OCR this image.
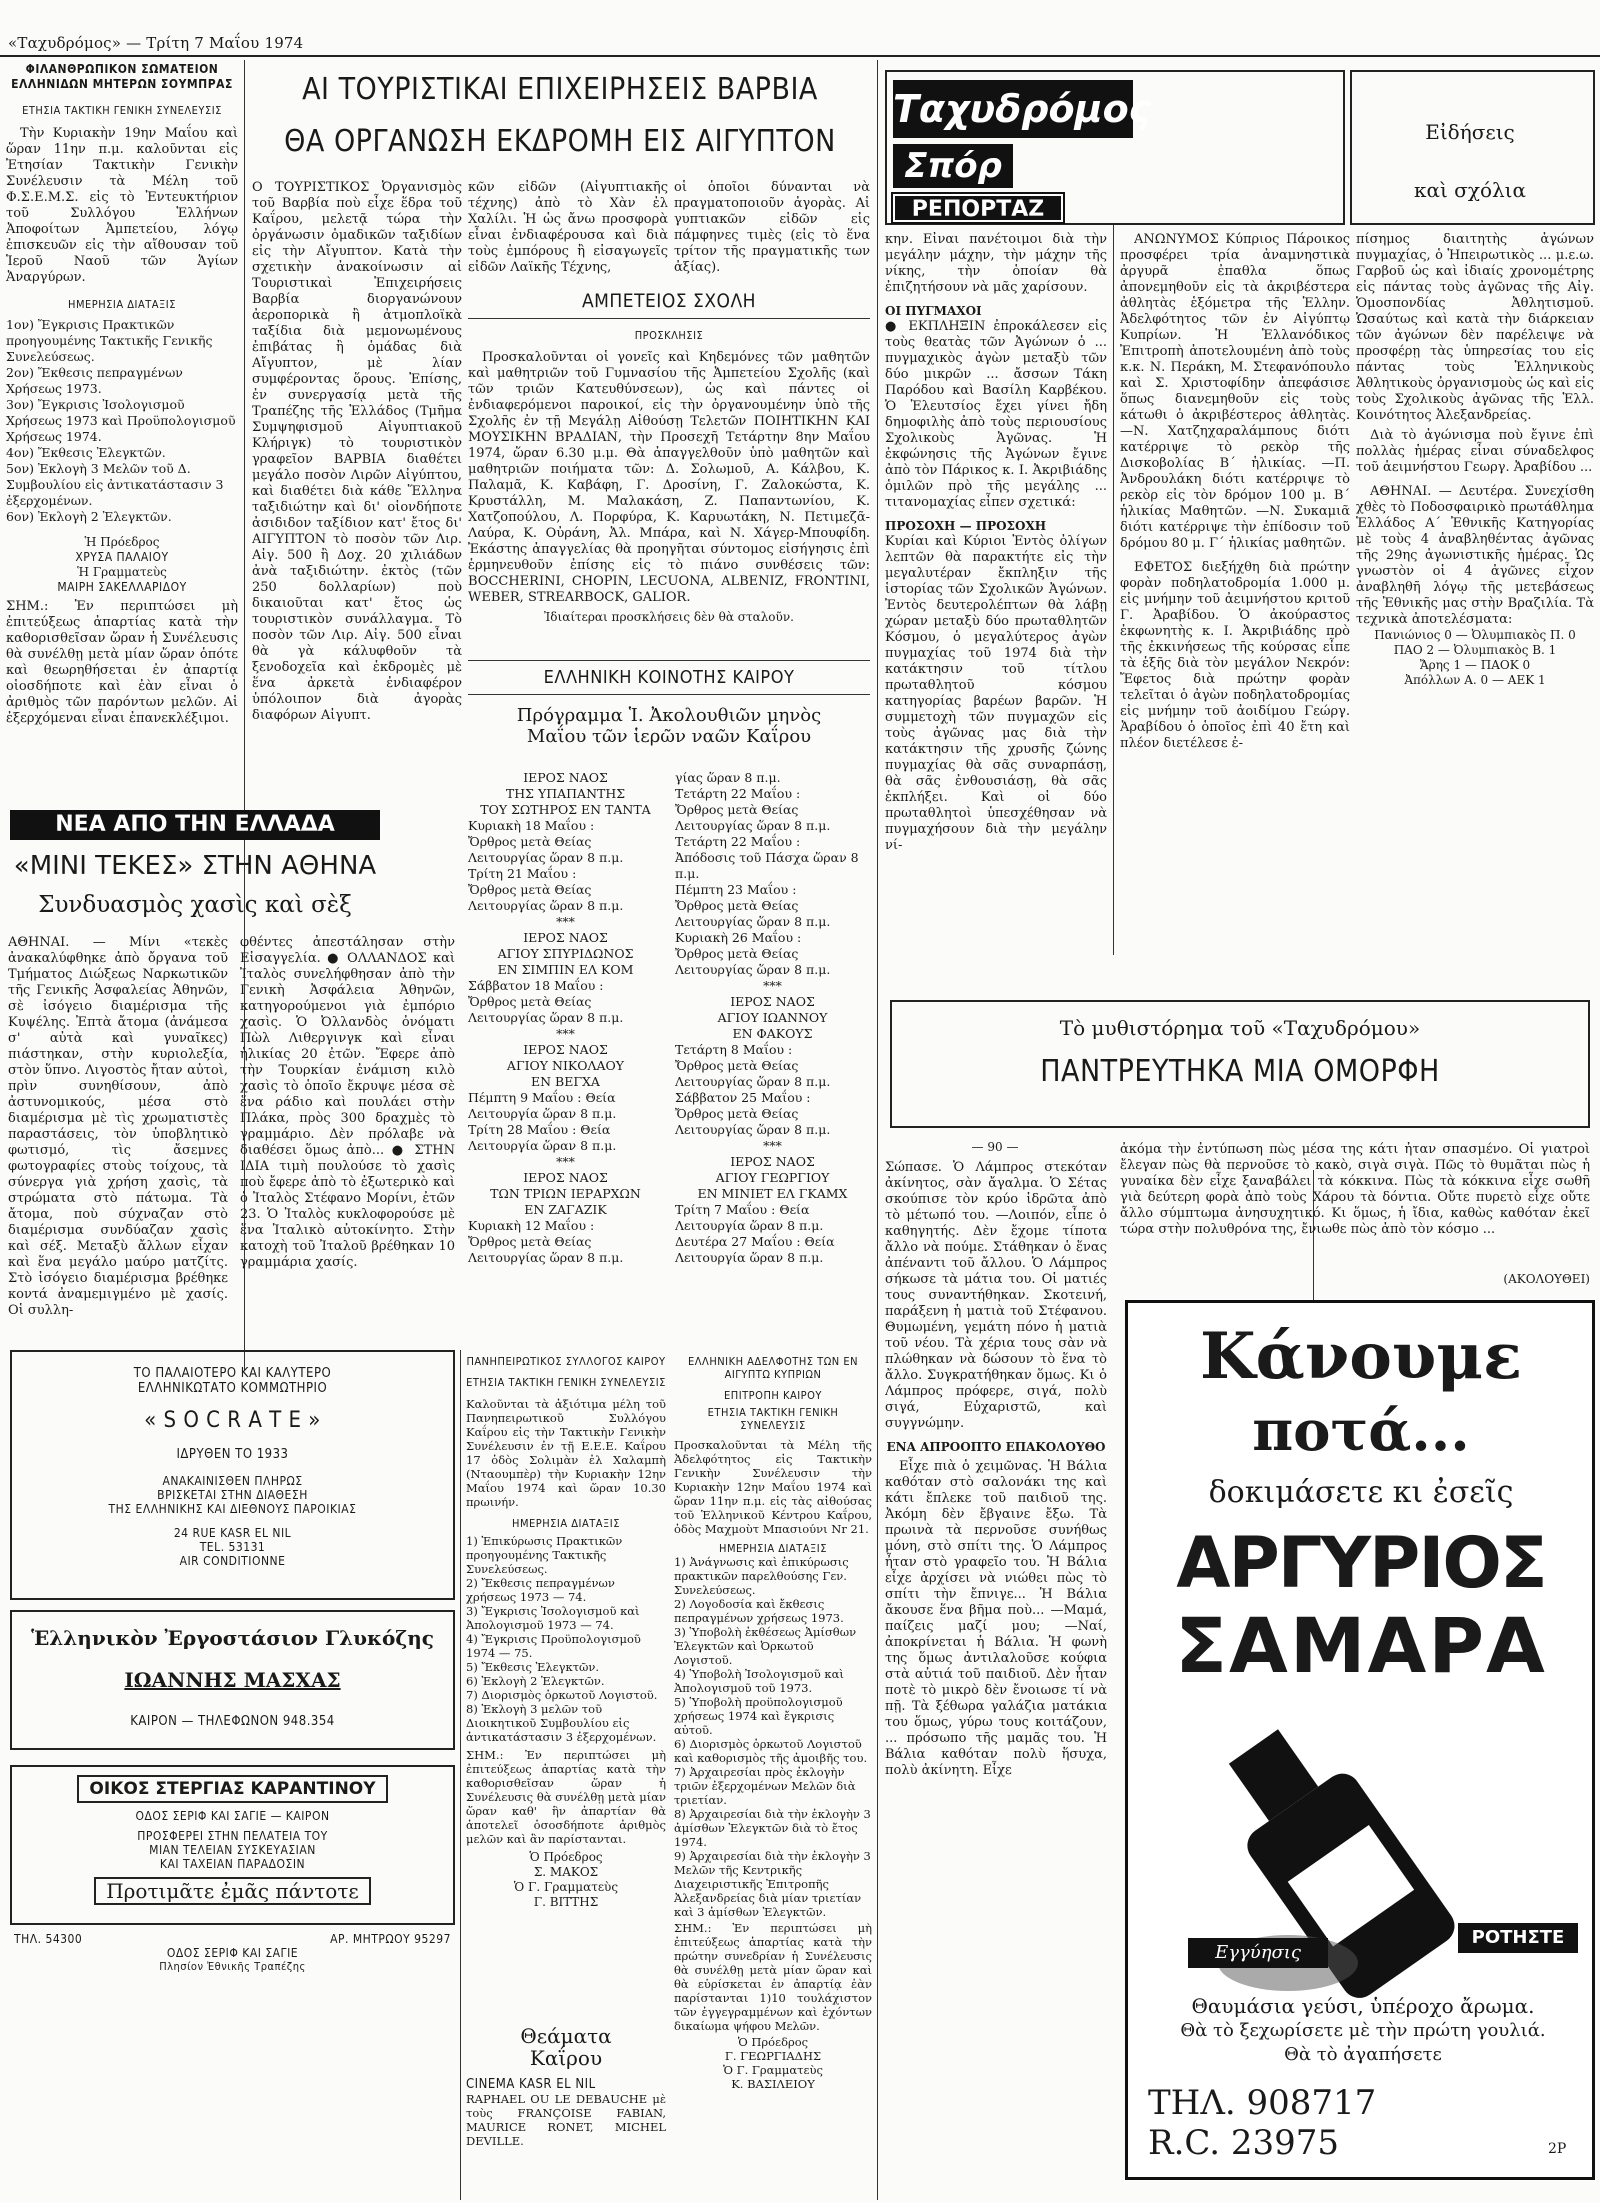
«Ταχυδρόμος» — Τρίτη 7 Μαΐου 1974
ΦΙΛΑΝΘΡΩΠΙΚΟΝ ΣΩΜΑΤΕΙΟΝ ΕΛΛΗΝΙΔΩΝ ΜΗΤΕΡΩΝ ΣΟΥΜΠΡΑΣ
ΕΤΗΣΙΑ ΤΑΚΤΙΚΗ ΓΕΝΙΚΗ ΣΥΝΕΛΕΥΣΙΣ

Τὴν Κυριακὴν 19ην Μαΐου καὶ ὥραν 11ην π.μ. καλοῦνται εἰς Ἐτησίαν Τακτικὴν Γενικὴν Συνέλευσιν τὰ Μέλη τοῦ Φ.Σ.Ε.Μ.Σ. εἰς τὸ Ἐντευκτήριον τοῦ Συλλόγου Ἑλλήνων Ἀποφοίτων Ἀμπετείου, λόγῳ ἐπισκευῶν εἰς τὴν αἴθουσαν τοῦ Ἱεροῦ Ναοῦ τῶν Ἁγίων Ἀναργύρων.

ΗΜΕΡΗΣΙΑ ΔΙΑΤΑΞΙΣ
1ον) Ἔγκρισις Πρακτικῶν προηγουμένης Τακτικῆς Γενικῆς Συνελεύσεως.
2ον) Ἔκθεσις πεπραγμένων Χρήσεως 1973.
3ον) Ἔγκρισις Ἰσολογισμοῦ Χρήσεως 1973 καὶ Προϋπολογισμοῦ Χρήσεως 1974.
4ον) Ἔκθεσις Ἐλεγκτῶν.
5ον) Ἐκλογὴ 3 Μελῶν τοῦ Δ. Συμβουλίου εἰς ἀντικατάστασιν 3 ἐξερχομένων.
6ον) Ἐκλογὴ 2 Ἐλεγκτῶν.
Ἡ Πρόεδρος
ΧΡΥΣΑ ΠΑΛΑΙΟΥ
Ἡ Γραμματεὺς
ΜΑΙΡΗ ΣΑΚΕΛΛΑΡΙΔΟΥ

ΣΗΜ.: Ἐν περιπτώσει μὴ ἐπιτεύξεως ἀπαρτίας κατὰ τὴν καθορισθεῖσαν ὥραν ἡ Συνέλευσις θὰ συνέλθῃ μετὰ μίαν ὥραν ὁπότε καὶ θεωρηθήσεται ἐν ἀπαρτίᾳ οἱοσδήποτε καὶ ἐὰν εἶναι ὁ ἀριθμὸς τῶν παρόντων μελῶν. Αἱ ἐξερχόμεναι εἶναι ἐπανεκλέξιμοι.

ΝΕΑ ΑΠΟ ΤΗΝ ΕΛΛΑΔΑ
«ΜΙΝΙ ΤΕΚΕΣ» ΣΤΗΝ ΑΘΗΝΑ
Συνδυασμὸς χασὶς καὶ σὲξ

ΑΘΗΝΑΙ. — Μίνι «τεκὲς ἀνακαλύφθηκε ἀπὸ ὄργανα τοῦ Τμήματος Διώξεως Ναρκωτικῶν τῆς Γενικῆς Ἀσφαλείας Ἀθηνῶν, σὲ ἰσόγειο διαμέρισμα τῆς Κυψέλης. Ἐπτὰ ἄτομα (ἀνάμεσα σ' αὐτὰ καὶ γυναῖκες) πιάστηκαν, στὴν κυριολεξία, στὸν ὕπνο. Λιγοστὸς ἤταν αὐτοὶ, πρὶν συνηθίσουν, ἀπὸ ἀστυνομικούς, μέσα στὸ διαμέρισμα μὲ τὶς χρωματιστὲς παραστάσεις, τὸν ὑποβλητικὸ φωτισμό, τὶς ἄσεμνες φωτογραφίες στοὺς τοίχους, τὰ σύνεργα γιὰ χρήση χασὶς, τὰ στρώματα στὸ πάτωμα. Τὰ ἄτομα, ποὺ σύχναζαν στὸ διαμέρισμα συνδύαζαν χασὶς καὶ σέξ. Μεταξὺ ἄλλων εἶχαν καὶ ἕνα μεγάλο μαύρο ματζίτς. Στὸ ἰσόγειο διαμέρισμα βρέθηκε κοντά ἀναμεμιγμένο μὲ χασίς. Οἱ συλλη-

φθέντες ἀπεστάλησαν στὴν Εἰσαγγελία. ● ΟΛΛΑΝΔΟΣ καὶ Ἰταλὸς συνελήφθησαν ἀπὸ τὴν Γενικὴ Ἀσφάλεια Ἀθηνῶν, κατηγορούμενοι γιὰ ἐμπόριο χασὶς. Ὁ Ὀλλανδὸς ὀνόματι Πὼλ Λιθεργινγκ καὶ εἶναι ἡλικίας 20 ἐτῶν. Ἔφερε ἀπὸ τὴν Τουρκίαν ἐνάμιση κιλὸ χασὶς τὸ ὁποῖο ἔκρυψε μέσα σὲ ἕνα ράδιο καὶ πουλάει στὴν Πλάκα, πρὸς 300 δραχμὲς τὸ γραμμάριο. Δὲν πρόλαβε νὰ διαθέσει ὅμως ἀπὸ... ● ΣΤΗΝ ΙΔΙΑ τιμὴ πουλούσε τὸ χασὶς ποὺ ἔφερε ἀπὸ τὸ ἐξωτερικὸ καὶ ὁ Ἰταλὸς Στέφανο Μορίνι, ἐτῶν 23. Ὁ Ἰταλὸς κυκλοφορούσε μὲ ἕνα Ἰταλικὸ αὐτοκίνητο. Στὴν κατοχὴ τοῦ Ἰταλοῦ βρέθηκαν 10 γραμμάρια χασίς.

ΤΟ ΠΑΛΑΙΟΤΕΡΟ ΚΑΙ ΚΑΛΥΤΕΡΟ
ΕΛΛΗΝΙΚΩΤΑΤΟ ΚΟΜΜΩΤΗΡΙΟ
« S O C R A T E »
ΙΔΡΥΘΕΝ ΤΟ 1933
ΑΝΑΚΑΙΝΙΣΘΕΝ ΠΛΗΡΩΣ
ΒΡΙΣΚΕΤΑΙ ΣΤΗΝ ΔΙΑΘΕΣΗ
ΤΗΣ ΕΛΛΗΝΙΚΗΣ ΚΑΙ ΔΙΕΘΝΟΥΣ ΠΑΡΟΙΚΙΑΣ
24 RUE KASR EL NIL
TEL. 53131
AIR CONDITIONNE
Ἑλληνικὸν Ἐργοστάσιον Γλυκόζης
ΙΩΑΝΝΗΣ ΜΑΣΧΑΣ
ΚΑΙΡΟΝ — ΤΗΛΕΦΩΝΟΝ 948.354
ΟΙΚΟΣ ΣΤΕΡΓΙΑΣ ΚΑΡΑΝΤΙΝΟΥ
ΟΔΟΣ ΣΕΡΙΦ ΚΑΙ ΣΑΓΙΕ — ΚΑΙΡΟΝ
ΠΡΟΣΦΕΡΕΙ ΣΤΗΝ ΠΕΛΑΤΕΙΑ ΤΟΥ
ΜΙΑΝ ΤΕΛΕΙΑΝ ΣΥΣΚΕΥΑΣΙΑΝ
ΚΑΙ ΤΑΧΕΙΑΝ ΠΑΡΑΔΟΣΙΝ
Προτιμᾶτε ἐμᾶς πάντοτε
ΤΗΛ. 54300	ΑΡ. ΜΗΤΡΩΟΥ 95297
ΟΔΟΣ ΣΕΡΙΦ ΚΑΙ ΣΑΓΙΕ
Πλησίον Ἐθνικῆς Τραπέζης
ΑΙ ΤΟΥΡΙΣΤΙΚΑΙ ΕΠΙΧΕΙΡΗΣΕΙΣ ΒΑΡΒΙΑ
ΘΑ ΟΡΓΑΝΩΣΗ ΕΚΔΡΟΜΗ ΕΙΣ ΑΙΓΥΠΤΟΝ

Ο ΤΟΥΡΙΣΤΙΚΟΣ Ὀργανισμὸς τοῦ Βαρβία ποὺ εἶχε ἕδρα τοῦ Καΐρου, μελετᾷ τώρα τὴν ὀργάνωσιν ὁμαδικῶν ταξιδίων εἰς τὴν Αἴγυπτον. Κατὰ τὴν σχετικὴν ἀνακοίνωσιν αἱ Τουριστικαὶ Ἐπιχειρήσεις Βαρβία διοργανώνουν ἀεροπορικὰ ἢ ἀτμοπλοϊκὰ ταξίδια διὰ μεμονωμένους ἐπιβάτας ἢ ὁμάδας διὰ Αἴγυπτον, μὲ λίαν συμφέροντας ὅρους. Ἐπίσης, ἐν συνεργασίᾳ μετὰ τῆς Τραπέζης τῆς Ἑλλάδος (Τμῆμα Συμψηφισμοῦ Αἰγυπτιακοῦ Κλήριγκ) τὸ τουριστικὸν γραφεῖον ΒΑΡΒΙΑ διαθέτει μεγάλο ποσὸν Λιρῶν Αἰγύπτου, καὶ διαθέτει διὰ κάθε Ἕλληνα ταξιδιώτην καὶ δι' οἱονδήποτε ἀσιδιδον ταξίδιον κατ' ἔτος δι' ΑΙΓΥΠΤΟΝ τὸ ποσὸν τῶν Λιρ. Αἰγ. 500 ἢ Δοχ. 20 χιλιάδων ἀνὰ ταξιδιώτην. ἐκτὸς (τῶν 250 δολλαρίων) ποὺ δικαιοῦται κατ' ἔτος ὡς τουριστικὸν συνάλλαγμα. Τὸ ποσὸν τῶν Λιρ. Αἰγ. 500 εἶναι θὰ γὰ κάλυφθοῦν τὰ ξενοδοχεῖα καὶ ἐκδρομὲς μὲ ἕνα ἀρκετὰ ἐνδιαφέρον ὑπόλοιπον διὰ ἀγορὰς διαφόρων Αἰγυπτ.

κῶν εἰδῶν (Αἰγυπτιακῆς τέχνης) ἀπὸ τὸ Χὰν ἐλ Χαλίλι. Ἡ ὡς ἄνω προσφορὰ εἶναι ἐνδιαφέρουσα καὶ διὰ τοὺς ἐμπόρους ἢ εἰσαγωγεῖς εἰδῶν Λαϊκῆς Τέχνης,

οἱ ὁποῖοι δύνανται νὰ πραγματοποιοῦν ἀγορὰς. Αἱ γυπτιακῶν εἰδῶν εἰς πάμφηνες τιμὲς (εἰς τὸ ἕνα τρίτον τῆς πραγματικῆς των ἀξίας).

ΑΜΠΕΤΕΙΟΣ ΣΧΟΛΗ
ΠΡΟΣΚΛΗΣΙΣ

Προσκαλοῦνται οἱ γονεῖς καὶ Κηδεμόνες τῶν μαθητῶν καὶ μαθητριῶν τοῦ Γυμνασίου τῆς Ἀμπετείου Σχολῆς (καὶ τῶν τριῶν Κατευθύνσεων), ὡς καὶ πάντες οἱ ἐνδιαφερόμενοι παροικοί, εἰς τὴν ὀργανουμένην ὑπὸ τῆς Σχολῆς ἐν τῇ Μεγάλῃ Αἰθούσῃ Τελετῶν ΠΟΙΗΤΙΚΗΝ ΚΑΙ ΜΟΥΣΙΚΗΝ ΒΡΑΔΙΑΝ, τὴν Προσεχῆ Τετάρτην 8ην Μαΐου 1974, ὥραν 6.30 μ.μ. Θὰ ἀπαγγελθοῦν ὑπὸ μαθητῶν καὶ μαθητριῶν ποιήματα τῶν: Δ. Σολωμοῦ, Α. Κάλβου, Κ. Παλαμᾶ, Κ. Καβάφη, Γ. Δροσίνη, Γ. Ζαλοκώστα, Κ. Κρυστάλλη, Μ. Μαλακάση, Ζ. Παπαντωνίου, Κ. Χατζοπούλου, Λ. Πορφύρα, Κ. Καρυωτάκη, Ν. Πετιμεζᾶ-Λαύρα, Κ. Οὐράνη, Ἀλ. Μπάρα, καὶ Ν. Χάγερ-Μπουφίδη. Ἐκάστης ἀπαγγελίας θὰ προηγῆται σύντομος εἰσήγησις ἐπὶ ἑρμηνευθοῦν ἐπίσης εἰς τὸ πιάνο συνθέσεις τῶν: BOCCHERINI, CHOPIN, LECUONA, ALBENIZ, FRONTINI, WEBER, STREARBOCK, GALIOR.

Ἰδιαίτεραι προσκλήσεις δὲν θὰ σταλοῦν.
ΕΛΛΗΝΙΚΗ ΚΟΙΝΟΤΗΣ ΚΑΙΡΟΥ
Πρόγραμμα Ἱ. Ἀκολουθιῶν μηνὸς
Μαΐου τῶν ἱερῶν ναῶν Καΐρου
ΙΕΡΟΣ ΝΑΟΣ
ΤΗΣ ΥΠΑΠΑΝΤΗΣ
ΤΟΥ ΣΩΤΗΡΟΣ ΕΝ ΤΑΝΤΑ
Κυριακὴ 18 Μαΐου :
Ὄρθρος μετὰ Θείας Λειτουργίας ὥραν 8 π.μ.
Τρίτη 21 Μαΐου :
Ὄρθρος μετὰ Θείας Λειτουργίας ὥραν 8 π.μ.
***
ΙΕΡΟΣ ΝΑΟΣ
ΑΓΙΟΥ ΣΠΥΡΙΔΩΝΟΣ
ΕΝ ΣΙΜΠΙΝ ΕΛ ΚΟΜ
Σάββατον 18 Μαΐου :
Ὄρθρος μετὰ Θείας Λειτουργίας ὥραν 8 π.μ.
***
ΙΕΡΟΣ ΝΑΟΣ
ΑΓΙΟΥ ΝΙΚΟΛΑΟΥ
ΕΝ ΒΕΓΧΑ
Πέμπτη 9 Μαΐου : Θεία Λειτουργία ὥραν 8 π.μ.
Τρίτη 28 Μαΐου : Θεία Λειτουργία ὥραν 8 π.μ.
***
ΙΕΡΟΣ ΝΑΟΣ
ΤΩΝ ΤΡΙΩΝ ΙΕΡΑΡΧΩΝ
ΕΝ ΖΑΓΑΖΙΚ
Κυριακὴ 12 Μαΐου :
Ὄρθρος μετὰ Θείας Λειτουργίας ὥραν 8 π.μ.
γίας ὥραν 8 π.μ.
Τετάρτη 22 Μαΐου :
Ὄρθρος μετὰ Θείας Λειτουργίας ὥραν 8 π.μ.
Τετάρτη 22 Μαΐου :
Ἀπόδοσις τοῦ Πάσχα ὥραν 8 π.μ.
Πέμπτη 23 Μαΐου :
Ὄρθρος μετὰ Θείας Λειτουργίας ὥραν 8 π.μ.
Κυριακὴ 26 Μαΐου :
Ὄρθρος μετὰ Θείας Λειτουργίας ὥραν 8 π.μ.
***
ΙΕΡΟΣ ΝΑΟΣ
ΑΓΙΟΥ ΙΩΑΝΝΟΥ
ΕΝ ΦΑΚΟΥΣ
Τετάρτη 8 Μαΐου :
Ὄρθρος μετὰ Θείας Λειτουργίας ὥραν 8 π.μ.
Σάββατον 25 Μαΐου :
Ὄρθρος μετὰ Θείας Λειτουργίας ὥραν 8 π.μ.
***
ΙΕΡΟΣ ΝΑΟΣ
ΑΓΙΟΥ ΓΕΩΡΓΙΟΥ
ΕΝ ΜΙΝΙΕΤ ΕΛ ΓΚΑΜΧ
Τρίτη 7 Μαΐου : Θεία Λειτουργία ὥραν 8 π.μ.
Δευτέρα 27 Μαΐου : Θεία Λειτουργία ὥραν 8 π.μ.
ΠΑΝΗΠΕΙΡΩΤΙΚΟΣ ΣΥΛΛΟΓΟΣ ΚΑΙΡΟΥ
ΕΤΗΣΙΑ ΤΑΚΤΙΚΗ ΓΕΝΙΚΗ ΣΥΝΕΛΕΥΣΙΣ

Καλοῦνται τὰ ἀξιότιμα μέλη τοῦ Πανηπειρωτικοῦ Συλλόγου Καΐρου εἰς τὴν Τακτικὴν Γενικὴν Συνέλευσιν ἐν τῇ Ε.Ε.Ε. Καΐρου 17 ὁδὸς Σολιμὰν ἐλ Χαλαμπὴ (Νταουμπὲρ) τὴν Κυριακὴν 12ην Μαΐου 1974 καὶ ὥραν 10.30 πρωινήν.

ΗΜΕΡΗΣΙΑ ΔΙΑΤΑΞΙΣ
1) Ἐπικύρωσις Πρακτικῶν προηγουμένης Τακτικῆς Συνελεύσεως.
2) Ἔκθεσις πεπραγμένων χρήσεως 1973 — 74.
3) Ἔγκρισις Ἰσολογισμοῦ καὶ Ἀπολογισμοῦ 1973 — 74.
4) Ἔγκρισις Προϋπολογισμοῦ 1974 — 75.
5) Ἔκθεσις Ἐλεγκτῶν.
6) Ἐκλογὴ 2 Ἐλεγκτῶν.
7) Διορισμὸς ὁρκωτοῦ Λογιστοῦ.
8) Ἐκλογὴ 3 μελῶν τοῦ Διοικητικοῦ Συμβουλίου εἰς ἀντικατάστασιν 3 ἐξερχομένων.

ΣΗΜ.: Ἐν περιπτώσει μὴ ἐπιτεύξεως ἀπαρτίας κατὰ τὴν καθορισθεῖσαν ὥραν ἡ Συνέλευσις θὰ συνέλθῃ μετὰ μίαν ὥραν καθ' ἣν ἀπαρτίαν θὰ ἀποτελεῖ ὁσοσδήποτε ἀριθμὸς μελῶν καὶ ἂν παρίστανται.

Ὁ Πρόεδρος
Σ. ΜΑΚΟΣ
Ὁ Γ. Γραμματεὺς
Γ. ΒΙΤΤΗΣ
Θεάματα
Καΐρου
CINEMA KASR EL NIL

RAPHAEL OU LE DEBAUCHE μὲ τοὺς FRANÇOISE FABIAN, MAURICE RONET, MICHEL DEVILLE.

ΕΛΛΗΝΙΚΗ ΑΔΕΛΦΟΤΗΣ ΤΩΝ ΕΝ ΑΙΓΥΠΤΩ ΚΥΠΡΙΩΝ
ΕΠΙΤΡΟΠΗ ΚΑΙΡΟΥ
ΕΤΗΣΙΑ ΤΑΚΤΙΚΗ ΓΕΝΙΚΗ ΣΥΝΕΛΕΥΣΙΣ

Προσκαλοῦνται τὰ Μέλη τῆς Ἀδελφότητος εἰς Τακτικὴν Γενικὴν Συνέλευσιν τὴν Κυριακὴν 12ην Μαΐου 1974 καὶ ὥραν 11ην π.μ. εἰς τὰς αἰθούσας τοῦ Ἑλληνικοῦ Κέντρου Καΐρου, ὁδὸς Μαχμοὺτ Μπασιούνι Nr 21.

ΗΜΕΡΗΣΙΑ ΔΙΑΤΑΞΙΣ
1) Ἀνάγνωσις καὶ ἐπικύρωσις πρακτικῶν παρελθούσης Γεν. Συνελεύσεως.
2) Λογοδοσία καὶ ἔκθεσις πεπραγμένων χρήσεως 1973.
3) Ὑποβολὴ ἐκθέσεως Ἀμίσθων Ἐλεγκτῶν καὶ Ὀρκωτοῦ Λογιστοῦ.
4) Ὑποβολὴ Ἰσολογισμοῦ καὶ Ἀπολογισμοῦ τοῦ 1973.
5) Ὑποβολὴ προϋπολογισμοῦ χρήσεως 1974 καὶ ἔγκρισις αὐτοῦ.
6) Διορισμὸς ὁρκωτοῦ Λογιστοῦ καὶ καθορισμὸς τῆς ἀμοιβῆς του.
7) Ἀρχαιρεσίαι πρὸς ἐκλογὴν τριῶν ἐξερχομένων Μελῶν διὰ τριετίαν.
8) Ἀρχαιρεσίαι διὰ τὴν ἐκλογὴν 3 ἀμίσθων Ἐλεγκτῶν διὰ τὸ ἔτος 1974.
9) Ἀρχαιρεσίαι διὰ τὴν ἐκλογὴν 3 Μελῶν τῆς Κεντρικῆς Διαχειριστικῆς Ἐπιτροπῆς Ἀλεξανδρείας διὰ μίαν τριετίαν καὶ 3 ἀμίσθων Ἐλεγκτῶν.

ΣΗΜ.: Ἐν περιπτώσει μὴ ἐπιτεύξεως ἀπαρτίας κατὰ τὴν πρώτην συνεδρίαν ἡ Συνέλευσις θὰ συνέλθῃ μετὰ μίαν ὥραν καὶ θὰ εὑρίσκεται ἐν ἀπαρτίᾳ ἐὰν παρίστανται 1)10 τουλάχιστον τῶν ἐγγεγραμμένων καὶ ἐχόντων δικαίωμα ψήφου Μελῶν.

Ὁ Πρόεδρος
Γ. ΓΕΩΡΓΙΑΔΗΣ
Ὁ Γ. Γραμματεὺς
Κ. ΒΑΣΙΛΕΙΟΥ
Ταχυδρόμος
Σπόρ
ΡΕΠΟΡΤΑΖ
Εἰδήσεις
καὶ σχόλια

κην. Εἶναι πανέτοιμοι διὰ τὴν μεγάλην μάχην, τὴν μάχην τῆς νίκης, τὴν ὁποίαν θὰ ἐπιζητήσουν νὰ μᾶς χαρίσουν.

ΟΙ ΠΥΓΜΑΧΟΙ

● ΕΚΠΛΗΞΙΝ ἐπροκάλεσεν εἰς τοὺς θεατὰς τῶν Ἀγώνων ὁ ... πυγμαχικὸς ἀγὼν μεταξὺ τῶν δύο μικρῶν ... ἄσσων Τάκη Παρόδου καὶ Βασίλη Καρβέκου. Ὁ Ἐλευτσίος ἔχει γίνει ἤδη δημοφιλὴς ἀπὸ τοὺς περιουσίους Σχολικοὺς Ἀγῶνας. Ἡ ἐκφώνησις τῆς Ἀγώνων ἔγινε ἀπὸ τὸν Πάρικος κ. Ι. Ἀκριβιάδης ὁμιλῶν πρὸ τῆς μεγάλης ... τιτανομαχίας εἶπεν σχετικά:

ΠΡΟΣΟΧΗ — ΠΡΟΣΟΧΗ

Κυρίαι καὶ Κύριοι Ἐντὸς ὀλίγων λεπτῶν θὰ παρακτήτε εἰς τὴν μεγαλυτέραν ἔκπληξιν τῆς ἱστορίας τῶν Σχολικῶν Ἀγώνων. Ἐντὸς δευτερολέπτων θὰ λάβῃ χώραν μεταξὺ δύο πρωταθλητῶν Κόσμου, ὁ μεγαλύτερος ἀγὼν πυγμαχίας τοῦ 1974 διὰ τὴν κατάκτησιν τοῦ τίτλου πρωταθλητοῦ κόσμου κατηγορίας βαρέων βαρῶν. Ἡ συμμετοχὴ τῶν πυγμαχῶν εἰς τοὺς ἀγῶνας μας διὰ τὴν κατάκτησιν τῆς χρυσῆς ζώνης πυγμαχίας θὰ σᾶς συναρπάσῃ, θὰ σᾶς ἐνθουσιάσῃ, θὰ σᾶς ἐκπλήξει. Καὶ οἱ δύο πρωταθλητοὶ ὑπεσχέθησαν νὰ πυγμαχήσουν διὰ τὴν μεγάλην νί-

ΑΝΩΝΥΜΟΣ Κύπριος Πάροικος προσφέρει τρία ἀναμνηστικὰ ἀργυρᾶ ἐπαθλα ὅπως ἀπονεμηθοῦν εἰς τὰ ἀκριβέστερα ἀθλητὰς ἑξόμετρα τῆς Ἐλλην. Ἀδελφότητος τῶν ἐν Αἰγύπτῳ Κυπρίων. Ἡ Ἑλλανόδικος Ἐπιτροπὴ ἀποτελουμένη ἀπὸ τοὺς κ.κ. Ν. Περάκη, Μ. Στεφανόπουλο καὶ Σ. Χριστοφίδην ἀπεφάσισε ὅπως διανεμηθοῦν εἰς τοὺς κάτωθι ὁ ἀκριβέστερος ἀθλητὰς. —Ν. Χατζηχαραλάμπους διότι κατέρριψε τὸ ρεκὸρ τῆς Δισκοβολίας Β΄ ἡλικίας. —Π. Ἀνδρουλάκη διότι κατέρριψε τὸ ρεκὸρ εἰς τὸν δρόμον 100 μ. Β΄ ἡλικίας Μαθητῶν. —Ν. Συκαμιᾶ διότι κατέρριψε τὴν ἐπίδοσιν τοῦ δρόμου 80 μ. Γ΄ ἡλικίας μαθητῶν.

ΕΦΕΤΟΣ διεξήχθη διὰ πρώτην φορὰν ποδηλατοδρομία 1.000 μ. εἰς μνήμην τοῦ ἀειμνήστου κριτοῦ Γ. Ἀραβίδου. Ὁ ἀκούραστος ἐκφωνητὴς κ. Ι. Ἀκριβιάδης πρὸ τῆς ἐκκινήσεως τῆς κούρσας εἶπε τὰ ἑξῆς διὰ τὸν μεγάλον Νεκρόν: Ἔφετος διὰ πρώτην φορὰν τελεῖται ὁ ἀγὼν ποδηλατοδρομίας εἰς μνήμην τοῦ ἀοιδίμου Γεώργ. Ἀραβίδου ὁ ὁποῖος ἐπὶ 40 ἔτη καὶ πλέον διετέλεσε ἐ-

πίσημος διαιτητὴς ἀγώνων πυγμαχίας, ὁ Ἡπειρωτικὸς ... μ.ε.ω. Γαρβοῦ ὡς καὶ ἰδιαίς χρονομέτρης εἰς πάντας τοὺς ἀγῶνας τῆς Αἰγ. Ὁμοσπονδίας Ἀθλητισμοῦ. Ὡσαύτως καὶ κατὰ τὴν διάρκειαν τῶν ἀγώνων δὲν παρέλειψε νὰ προσφέρῃ τὰς ὑπηρεσίας του εἰς πάντας τοὺς Ἑλληνικοὺς Ἀθλητικοὺς ὀργανισμοὺς ὡς καὶ εἰς τοὺς Σχολικοὺς ἀγῶνας τῆς Ἑλλ. Κοινότητος Ἀλεξανδρείας.

Διὰ τὸ ἀγώνισμα ποὺ ἔγινε ἐπὶ πολλὰς ἡμέρας εἶναι σύναδελφος τοῦ ἀειμνήστου Γεωργ. Ἀραβίδου ...

ΑΘΗΝΑΙ. — Δευτέρα. Συνεχίσθη χθὲς τὸ Ποδοσφαιρικὸ πρωτάθλημα Ἑλλάδος Α΄ Ἐθνικῆς Κατηγορίας μὲ τοὺς 4 ἀναβληθέντας ἀγῶνας τῆς 29ης ἀγωνιστικῆς ἡμέρας. Ὡς γνωστὸν οἱ 4 ἀγῶνες εἶχον ἀναβληθῆ λόγῳ τῆς μετεβάσεως τῆς Ἐθνικῆς μας στὴν Βραζιλία. Τὰ τεχνικὰ ἀποτελέσματα:

Πανιώνιος 0 — Ὀλυμπιακὸς Π. 0
ΠΑΟ 2 — Ὀλυμπιακὸς Β. 1
Ἄρης 1 — ΠΑΟΚ 0
Ἀπόλλων Α. 0 — ΑΕΚ 1
Τὸ μυθιστόρημα τοῦ «Ταχυδρόμου»
ΠΑΝΤΡΕΥΤΗΚΑ ΜΙΑ ΟΜΟΡΦΗ
— 90 —

Σώπασε. Ὁ Λάμπρος στεκόταν ἀκίνητος, σὰν ἄγαλμα. Ὁ Σέτας σκούπισε τὸν κρύο ἱδρῶτα ἀπὸ τὸ μέτωπό του. —Λοιπόν, εἶπε ὁ καθηγητής. Δὲν ἔχομε τίποτα ἄλλο νὰ πούμε. Στάθηκαν ὁ ἕνας ἀπέναντι τοῦ ἄλλου. Ὁ Λάμπρος σήκωσε τὰ μάτια του. Οἱ ματιές τους συναντήθηκαν. Σκοτεινή, παράξενη ἡ ματιὰ τοῦ Στέφανου. Θυμωμένη, γεμάτη πόνο ἡ ματιὰ τοῦ νέου. Τὰ χέρια τους σὰν νὰ πλώθηκαν νὰ δώσουν τὸ ἕνα τὸ ἄλλο. Συγκρατήθηκαν ὅμως. Κι ὁ Λάμπρος πρόφερε, σιγά, πολὺ σιγά, Εὐχαριστῶ, καὶ συγγνώμην.

ΕΝΑ ΑΠΡΟΟΠΤΟ ΕΠΑΚΟΛΟΥΘΟ

Εἶχε πιὰ ὁ χειμῶνας. Ἡ Βάλια καθόταν στὸ σαλονάκι της καὶ κάτι ἔπλεκε τοῦ παιδιοῦ της. Ἀκόμη δὲν ἔβγαινε ἔξω. Τὰ πρωινὰ τὰ περνοῦσε συνήθως μόνη, στὸ σπίτι της. Ὁ Λάμπρος ἦταν στὸ γραφεῖο του. Ἡ Βάλια εἶχε ἀρχίσει νὰ νιώθει πὼς τὸ σπίτι τὴν ἔπνιγε... Ἡ Βάλια ἄκουσε ἕνα βῆμα ποὺ... —Μαμά, παίζεις μαζί μου; —Ναί, ἀποκρίνεται ἡ Βάλια. Ἡ φωνὴ της ὅμως ἀντιλαλοῦσε κούφια στὰ αὐτιά τοῦ παιδιοῦ. Δὲν ἦταν ποτὲ τὸ μικρὸ δὲν ἔνοιωσε τί νὰ πῇ. Τὰ ξέθωρα γαλάζια ματάκια του ὅμως, γύρω τους κοιτάζουν, ... πρόσωπο τῆς μαμᾶς του. Ἡ Βάλια καθόταν πολὺ ἥσυχα, πολὺ ἀκίνητη. Εἶχε

ἀκόμα τὴν ἐντύπωση πὼς μέσα της κάτι ἦταν σπασμένο. Οἱ γιατροὶ ἔλεγαν πὼς θὰ περνοῦσε τὸ κακὸ, σιγὰ σιγὰ. Πῶς τὸ θυμᾶται πὼς ἡ γυναίκα δὲν εἶχε ξαναβάλει τὰ κόκκινα. Πὼς τὰ κόκκινα εἶχε σωθῆ γιὰ δεύτερη φορὰ ἀπὸ τοὺς Χάρου τὰ δόντια. Οὔτε πυρετὸ εἶχε οὔτε ἄλλο σύμπτωμα ἀνησυχητικό. Κι ὅμως, ἡ ἴδια, καθὼς καθόταν ἐκεῖ τώρα στὴν πολυθρόνα της, ἔνιωθε πὼς ἀπὸ τὸν κόσμο ...

(ΑΚΟΛΟΥΘΕΙ)
Κάνουμε
ποτά...
δοκιμάσετε κι ἐσεῖς
ΑΡΓΥΡΙΟΣ
ΣΑΜΑΡΑ
Εγγύησις
ΡΟΤΗΣΤΕ
Θαυμάσια γεύσι, ὑπέροχο ἄρωμα.
Θὰ τὸ ξεχωρίσετε μὲ τὴν πρώτη γουλιά.
Θὰ τὸ ἀγαπήσετε
ΤΗΛ. 908717
R.C. 23975	2Ρ
